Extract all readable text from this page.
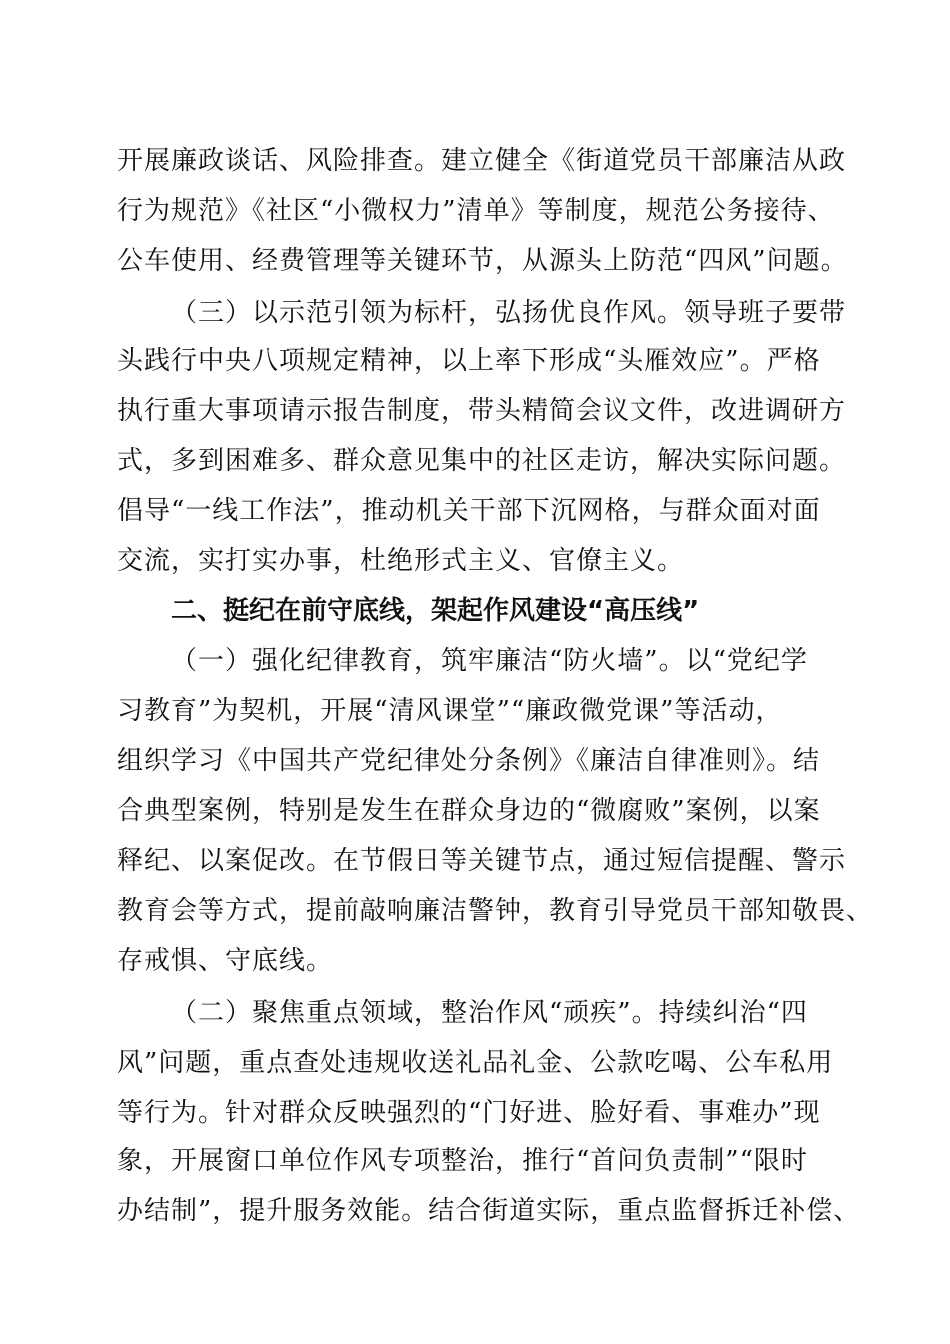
开展廉政谈话、风险排查。建立健全《街道党员干部廉洁从政
行为规范》《社区“小微权力”清单》等制度，规范公务接待、
公车使用、经费管理等关键环节，从源头上防范“四风”问题。
（三）以示范引领为标杆，弘扬优良作风。领导班子要带
头践行中央八项规定精神，以上率下形成“头雁效应”。严格
执行重大事项请示报告制度，带头精简会议文件，改进调研方
式，多到困难多、群众意见集中的社区走访，解决实际问题。
倡导“一线工作法”，推动机关干部下沉网格，与群众面对面
交流，实打实办事，杜绝形式主义、官僚主义。
二、挺纪在前守底线，架起作风建设“高压线”
（一）强化纪律教育，筑牢廉洁“防火墙”。以“党纪学
习教育”为契机，开展“清风课堂”“廉政微党课”等活动，
组织学习《中国共产党纪律处分条例》《廉洁自律准则》。结
合典型案例，特别是发生在群众身边的“微腐败”案例，以案
释纪、以案促改。在节假日等关键节点，通过短信提醒、警示
教育会等方式，提前敲响廉洁警钟，教育引导党员干部知敬畏、
存戒惧、守底线。
（二）聚焦重点领域，整治作风“顽疾”。持续纠治“四
风”问题，重点查处违规收送礼品礼金、公款吃喝、公车私用
等行为。针对群众反映强烈的“门好进、脸好看、事难办”现
象，开展窗口单位作风专项整治，推行“首问负责制”“限时
办结制”，提升服务效能。结合街道实际，重点监督拆迁补偿、
